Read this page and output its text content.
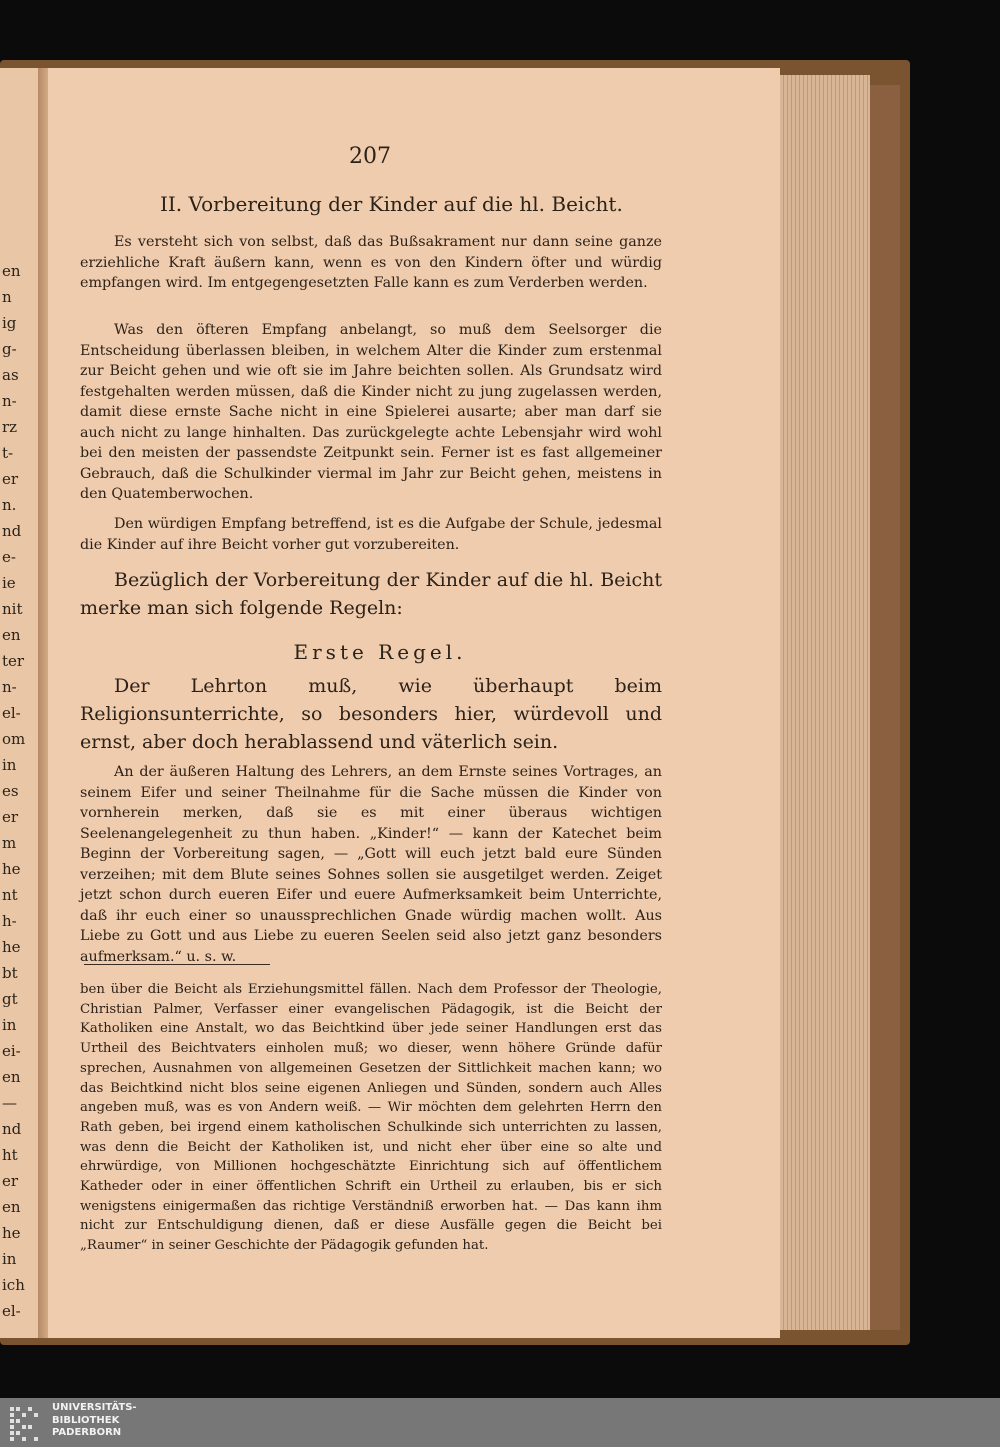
en
n
ig
g-
as
n-
rz
t-
er
n.
nd
e-
ie
nit
en
ter
n-
el-
om
in
es
er
m
he
nt
h-
he
bt
gt
in
ei-
en
—
nd
ht
er
en
he
in
ich
el-
207
II. Vorbereitung der Kinder auf die hl. Beicht.
Es versteht sich von selbst, daß das Bußsakrament nur dann seine ganze erziehliche Kraft äußern kann, wenn es von den Kindern öfter und würdig empfangen wird. Im entgegengesetzten Falle kann es zum Verderben werden.
Was den öfteren Empfang anbelangt, so muß dem Seelsorger die Entscheidung überlassen bleiben, in welchem Alter die Kinder zum erstenmal zur Beicht gehen und wie oft sie im Jahre beichten sollen. Als Grundsatz wird festgehalten werden müssen, daß die Kinder nicht zu jung zugelassen werden, damit diese ernste Sache nicht in eine Spielerei ausarte; aber man darf sie auch nicht zu lange hinhalten. Das zurückgelegte achte Lebensjahr wird wohl bei den meisten der passendste Zeitpunkt sein. Ferner ist es fast allgemeiner Gebrauch, daß die Schulkinder viermal im Jahr zur Beicht gehen, meistens in den Quatemberwochen.
Den würdigen Empfang betreffend, ist es die Aufgabe der Schule, jedesmal die Kinder auf ihre Beicht vorher gut vorzubereiten.
Bezüglich der Vorbereitung der Kinder auf die hl. Beicht merke man sich folgende Regeln:
Erste Regel.
Der Lehrton muß, wie überhaupt beim Religionsunterrichte, so besonders hier, würdevoll und ernst, aber doch herablassend und väterlich sein.
An der äußeren Haltung des Lehrers, an dem Ernste seines Vortrages, an seinem Eifer und seiner Theilnahme für die Sache müssen die Kinder von vornherein merken, daß sie es mit einer überaus wichtigen Seelenangelegenheit zu thun haben. „Kinder!“ — kann der Katechet beim Beginn der Vorbereitung sagen, — „Gott will euch jetzt bald eure Sünden verzeihen; mit dem Blute seines Sohnes sollen sie ausgetilget werden. Zeiget jetzt schon durch eueren Eifer und euere Aufmerksamkeit beim Unterrichte, daß ihr euch einer so unaussprechlichen Gnade würdig machen wollt. Aus Liebe zu Gott und aus Liebe zu eueren Seelen seid also jetzt ganz besonders aufmerksam.“ u. s. w.
ben über die Beicht als Erziehungsmittel fällen. Nach dem Professor der Theologie, Christian Palmer, Verfasser einer evangelischen Pädagogik, ist die Beicht der Katholiken eine Anstalt, wo das Beichtkind über jede seiner Handlungen erst das Urtheil des Beichtvaters einholen muß; wo dieser, wenn höhere Gründe dafür sprechen, Ausnahmen von allgemeinen Gesetzen der Sittlichkeit machen kann; wo das Beichtkind nicht blos seine eigenen Anliegen und Sünden, sondern auch Alles angeben muß, was es von Andern weiß. — Wir möchten dem gelehrten Herrn den Rath geben, bei irgend einem katholischen Schulkinde sich unterrichten zu lassen, was denn die Beicht der Katholiken ist, und nicht eher über eine so alte und ehrwürdige, von Millionen hochgeschätzte Einrichtung sich auf öffentlichem Katheder oder in einer öffentlichen Schrift ein Urtheil zu erlauben, bis er sich wenigstens einigermaßen das richtige Verständniß erworben hat. — Das kann ihm nicht zur Entschuldigung dienen, daß er diese Ausfälle gegen die Beicht bei „Raumer“ in seiner Geschichte der Pädagogik gefunden hat.
UNIVERSITÄTS-
BIBLIOTHEK
PADERBORN
